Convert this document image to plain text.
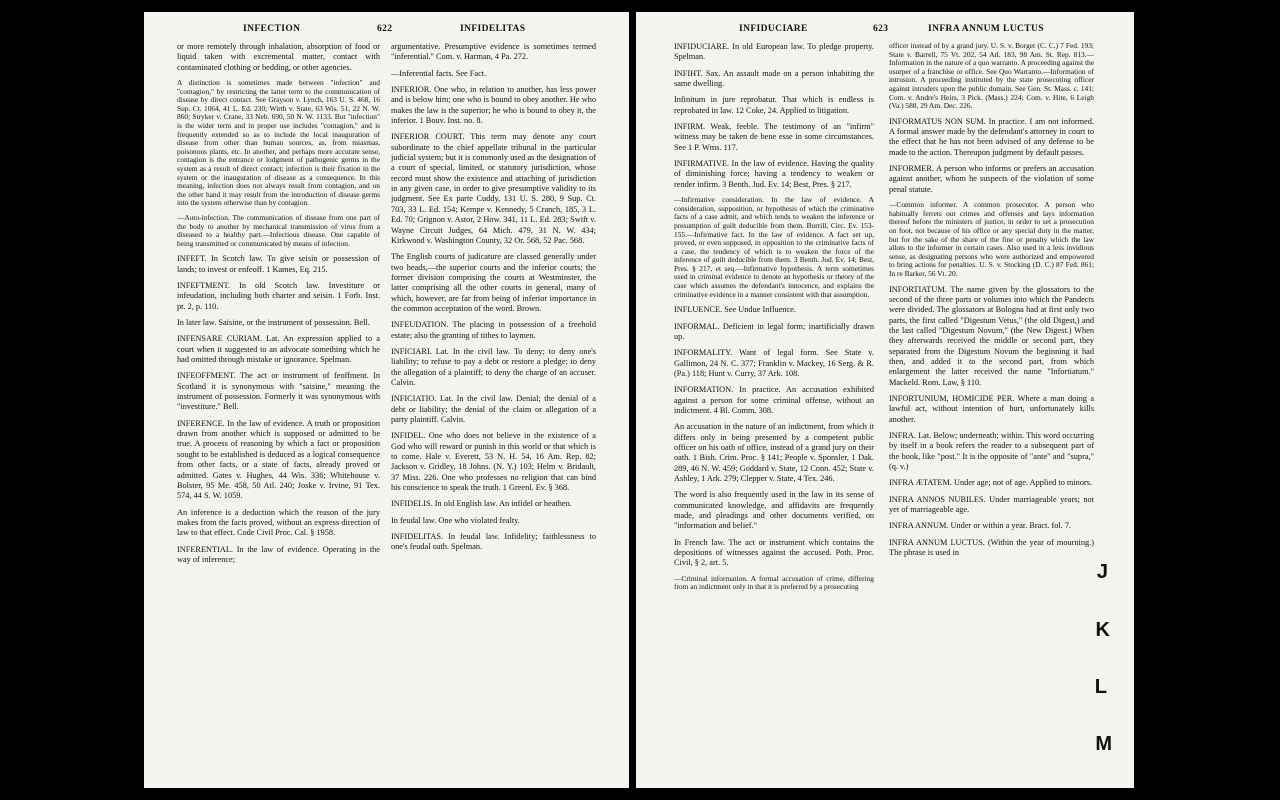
INFECTION	622	INFIDELITAS

or more remotely through inhalation, absorption of food or liquid taken with excremental matter, contact with contaminated clothing or bedding, or other agencies.

A distinction is sometimes made between "infection" and "contagion," by restricting the latter term to the communication of disease by direct contact. See Grayson v. Lynch, 163 U. S. 468, 16 Sup. Ct. 1064, 41 L. Ed. 230; Wirth v. State, 63 Wis. 51, 22 N. W. 860; Stryker v. Crane, 33 Neb. 690, 50 N. W. 1133. But "infection" is the wider term and in proper use includes "contagion," and is frequently extended so as to include the local inauguration of disease from other than human sources, as, from miasmas, poisonous plants, etc. In another, and perhaps more accurate sense, contagion is the entrance or lodgment of pathogenic germs in the system as a result of direct contact; infection is their fixation in the system or the inauguration of disease as a consequence. In this meaning, infection does not always result from contagion, and on the other hand it may result from the introduction of disease germs into the system otherwise than by contagion.

—Auto-infection. The communication of disease from one part of the body to another by mechanical transmission of virus from a diseased to a healthy part.—Infectious disease. One capable of being transmitted or communicated by means of infection.

INFEFT. In Scotch law. To give seisin or possession of lands; to invest or enfeoff. 1 Kames, Eq. 215.

INFEFTMENT. In old Scotch law. Investiture or infeudation, including both charter and seisin. 1 Forb. Inst. pt. 2, p. 110.

In later law. Saisine, or the instrument of possession. Bell.

INFENSARE CURIAM. Lat. An expression applied to a court when it suggested to an advocate something which he had omitted through mistake or ignorance. Spelman.

INFEOFFMENT. The act or instrument of feoffment. In Scotland it is synonymous with "saisine," meaning the instrument of possession. Formerly it was synonymous with "investiture." Bell.

INFERENCE. In the law of evidence. A truth or proposition drawn from another which is supposed or admitted to be true. A process of reasoning by which a fact or proposition sought to be established is deduced as a logical consequence from other facts, or a state of facts, already proved or admitted. Gates v. Hughes, 44 Wis. 336; Whitehouse v. Bolster, 95 Me. 458, 50 Atl. 240; Joske v. Irvine, 91 Tex. 574, 44 S. W. 1059.

An inference is a deduction which the reason of the jury makes from the facts proved, without an express direction of law to that effect. Code Civil Proc. Cal. § 1958.

INFERENTIAL. In the law of evidence. Operating in the way of inference;

argumentative. Presumptive evidence is sometimes termed "inferential." Com. v. Harman, 4 Pa. 272.

—Inferential facts. See Fact.

INFERIOR. One who, in relation to another, has less power and is below him; one who is bound to obey another. He who makes the law is the superior; he who is bound to obey it, the inferior. 1 Bouv. Inst. no. 8.

INFERIOR COURT. This term may denote any court subordinate to the chief appellate tribunal in the particular judicial system; but it is commonly used as the designation of a court of special, limited, or statutory jurisdiction, whose record must show the existence and attaching of jurisdiction in any given case, in order to give presumptive validity to its judgment. See Ex parte Cuddy, 131 U. S. 280, 9 Sup. Ct. 703, 33 L. Ed. 154; Kempe v. Kennedy, 5 Cranch, 185, 3 L. Ed. 70; Grignon v. Astor, 2 How. 341, 11 L. Ed. 283; Swift v. Wayne Circuit Judges, 64 Mich. 479, 31 N. W. 434; Kirkwood v. Washington County, 32 Or. 568, 52 Pac. 568.

The English courts of judicature are classed generally under two heads,—the superior courts and the inferior courts; the former division comprising the courts at Westminster, the latter comprising all the other courts in general, many of which, however, are far from being of inferior importance in the common acceptation of the word. Brown.

INFEUDATION. The placing in possession of a freehold estate; also the granting of tithes to laymen.

INFICIARI. Lat. In the civil law. To deny; to deny one's liability; to refuse to pay a debt or restore a pledge; to deny the allegation of a plaintiff; to deny the charge of an accuser. Calvin.

INFICIATIO. Lat. In the civil law. Denial; the denial of a debt or liability; the denial of the claim or allegation of a party plaintiff. Calvin.

INFIDEL. One who does not believe in the existence of a God who will reward or punish in this world or that which is to come. Hale v. Everett, 53 N. H. 54, 16 Am. Rep. 82; Jackson v. Gridley, 18 Johns. (N. Y.) 103; Helm v. Bridault, 37 Miss. 226. One who professes no religion that can bind his conscience to speak the truth. 1 Greenl. Ev. § 368.

INFIDELIS. In old English law. An infidel or heathen.

In feudal law. One who violated fealty.

INFIDELITAS. In feudal law. Infidelity; faithlessness to one's feudal oath. Spelman.

INFIDUCIARE	623	INFRA ANNUM LUCTUS

INFIDUCIARE. In old European law. To pledge property. Spelman.

INFIHT. Sax. An assault made on a person inhabiting the same dwelling.

Infinitum in jure reprobatur. That which is endless is reprobated in law. 12 Coke, 24. Applied to litigation.

INFIRM. Weak, feeble. The testimony of an "infirm" witness may be taken de bene esse in some circumstances. See 1 P. Wms. 117.

INFIRMATIVE. In the law of evidence. Having the quality of diminishing force; having a tendency to weaken or render infirm. 3 Benth. Jud. Ev. 14; Best, Pres. § 217.

—Infirmative consideration. In the law of evidence. A consideration, supposition, or hypothesis of which the criminative facts of a case admit, and which tends to weaken the inference or presumption of guilt deducible from them. Burrill, Circ. Ev. 153-155.—Infirmative fact. In the law of evidence. A fact set up, proved, or even supposed, in opposition to the criminative facts of a case, the tendency of which is to weaken the force of the inference of guilt deducible from them. 3 Benth. Jud. Ev. 14; Best, Pres. § 217, et seq.—Infirmative hypothesis. A term sometimes used in criminal evidence to denote an hypothesis or theory of the case which assumes the defendant's innocence, and explains the criminative evidence in a manner consistent with that assumption.

INFLUENCE. See Undue Influence.

INFORMAL. Deficient in legal form; inartificially drawn up.

INFORMALITY. Want of legal form. See State v. Gallimon, 24 N. C. 377; Franklin v. Mackey, 16 Serg. & R. (Pa.) 118; Hunt v. Curry, 37 Ark. 108.

INFORMATION. In practice. An accusation exhibited against a person for some criminal offense, without an indictment. 4 Bl. Comm. 308.

An accusation in the nature of an indictment, from which it differs only in being presented by a competent public officer on his oath of office, instead of a grand jury on their oath. 1 Bish. Crim. Proc. § 141; People v. Sponsler, 1 Dak. 289, 46 N. W. 459; Goddard v. State, 12 Conn. 452; State v. Ashley, 1 Ark. 279; Clepper v. State, 4 Tex. 246.

The word is also frequently used in the law in its sense of communicated knowledge, and affidavits are frequently made, and pleadings and other documents verified, on "information and belief."

In French law. The act or instrument which contains the depositions of witnesses against the accused. Poth. Proc. Civil, § 2, art. 5.

—Criminal information. A formal accusation of crime, differing from an indictment only in that it is preferred by a prosecuting

officer instead of by a grand jury. U. S. v. Borger (C. C.) 7 Fed. 193; State v. Barrell, 75 Vt. 202, 54 Atl. 183, 98 Am. St. Rep. 813.—Information in the nature of a quo warranto. A proceeding against the usurper of a franchise or office. See Quo Warranto.—Information of intrusion. A proceeding instituted by the state prosecuting officer against intruders upon the public domain. See Gen. St. Mass. c. 141; Com. v. Andre's Heirs, 3 Pick. (Mass.) 224; Com. v. Hite, 6 Leigh (Va.) 588, 29 Am. Dec. 226.

INFORMATUS NON SUM. In practice. I am not informed. A formal answer made by the defendant's attorney in court to the effect that he has not been advised of any defense to be made to the action. Thereupon judgment by default passes.

INFORMER. A person who informs or prefers an accusation against another, whom he suspects of the violation of some penal statute.

—Common informer. A common prosecutor. A person who habitually ferrets out crimes and offenses and lays information thereof before the ministers of justice, in order to set a prosecution on foot, not because of his office or any special duty in the matter, but for the sake of the share of the fine or penalty which the law allots to the informer in certain cases. Also used in a less invidious sense, as designating persons who were authorized and empowered to bring actions for penalties. U. S. v. Stocking (D. C.) 87 Fed. 861; In re Barker, 56 Vt. 20.

INFORTIATUM. The name given by the glossators to the second of the three parts or volumes into which the Pandects were divided. The glossators at Bologna had at first only two parts, the first called "Digestum Vetus," (the old Digest,) and the last called "Digestum Novum," (the New Digest.) When they afterwards received the middle or second part, they separated from the Digestum Novum the beginning it had then, and added it to the second part, from which enlargement the latter received the name "Infortiatum." Mackeld. Rom. Law, § 110.

INFORTUNIUM, HOMICIDE PER. Where a man doing a lawful act, without intention of hurt, unfortunately kills another.

INFRA. Lat. Below; underneath; within. This word occurring by itself in a book refers the reader to a subsequent part of the book, like "post." It is the opposite of "ante" and "supra," (q. v.)

INFRA ÆTATEM. Under age; not of age. Applied to minors.

INFRA ANNOS NUBILES. Under marriageable years; not yet of marriageable age.

INFRA ANNUM. Under or within a year. Bract. fol. 7.

INFRA ANNUM LUCTUS. (Within the year of mourning.) The phrase is used in

J
K
L
M
